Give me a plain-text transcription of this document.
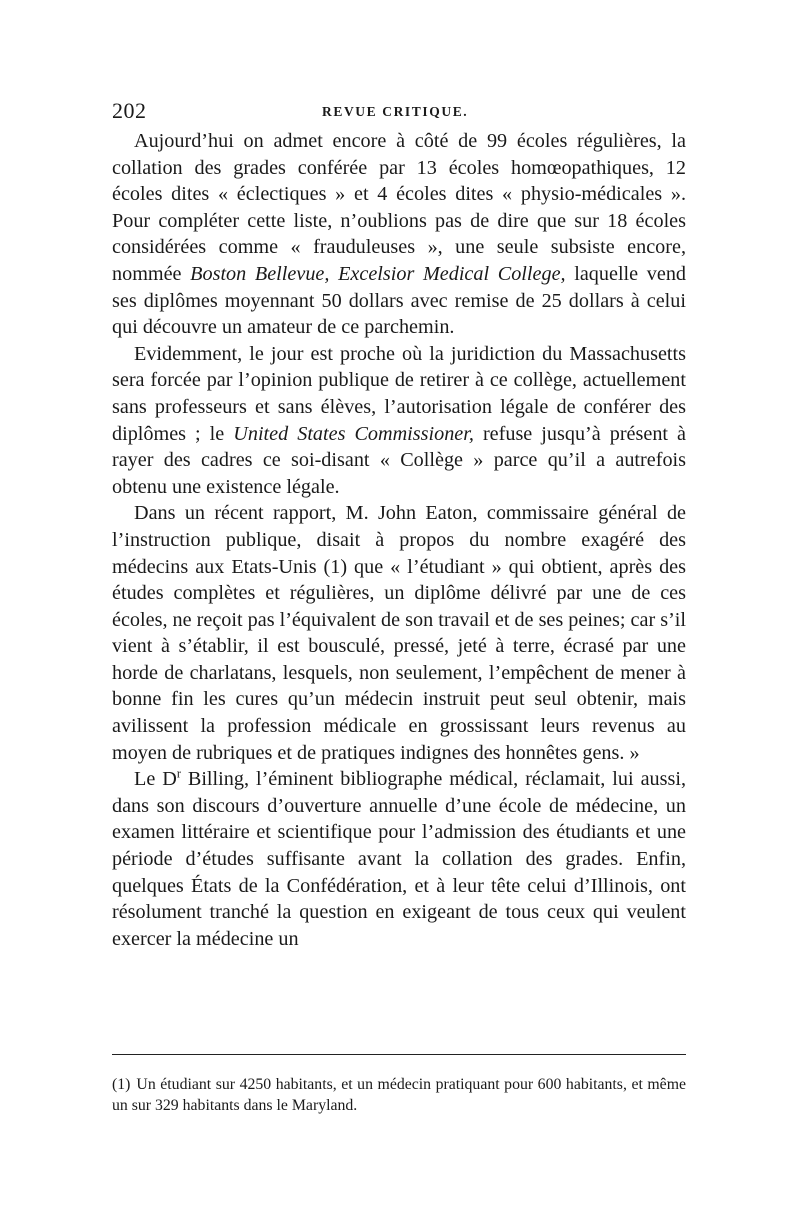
202	REVUE CRITIQUE.

Aujourd’hui on admet encore à côté de 99 écoles régulières, la collation des grades conférée par 13 écoles homœopathiques, 12 écoles dites « éclectiques » et 4 écoles dites « physio-médicales ». Pour compléter cette liste, n’oublions pas de dire que sur 18 écoles considérées comme « frauduleuses », une seule subsiste encore, nommée Boston Bellevue, Excelsior Medical College, laquelle vend ses diplômes moyennant 50 dollars avec remise de 25 dollars à celui qui découvre un amateur de ce parchemin.

Evidemment, le jour est proche où la juridiction du Massachusetts sera forcée par l’opinion publique de retirer à ce collège, actuellement sans professeurs et sans élèves, l’autorisation légale de conférer des diplômes ; le United States Commissioner, refuse jusqu’à présent à rayer des cadres ce soi-disant « Collège » parce qu’il a autrefois obtenu une existence légale.

Dans un récent rapport, M. John Eaton, commissaire général de l’instruction publique, disait à propos du nombre exagéré des médecins aux Etats-Unis (1) que « l’étudiant » qui obtient, après des études complètes et régulières, un diplôme délivré par une de ces écoles, ne reçoit pas l’équivalent de son travail et de ses peines; car s’il vient à s’établir, il est bousculé, pressé, jeté à terre, écrasé par une horde de charlatans, lesquels, non seulement, l’empêchent de mener à bonne fin les cures qu’un médecin instruit peut seul obtenir, mais avilissent la profession médicale en grossissant leurs revenus au moyen de rubriques et de pratiques indignes des honnêtes gens. »

Le $D^r$ Billing, l’éminent bibliographe médical, réclamait, lui aussi, dans son discours d’ouverture annuelle d’une école de médecine, un examen littéraire et scientifique pour l’admission des étudiants et une période d’études suffisante avant la collation des grades. Enfin, quelques États de la Confédération, et à leur tête celui d’Illinois, ont résolument tranché la question en exigeant de tous ceux qui veulent exercer la médecine un

(1) Un étudiant sur 4250 habitants, et un médecin pratiquant pour 600 habitants, et même un sur 329 habitants dans le Maryland.
